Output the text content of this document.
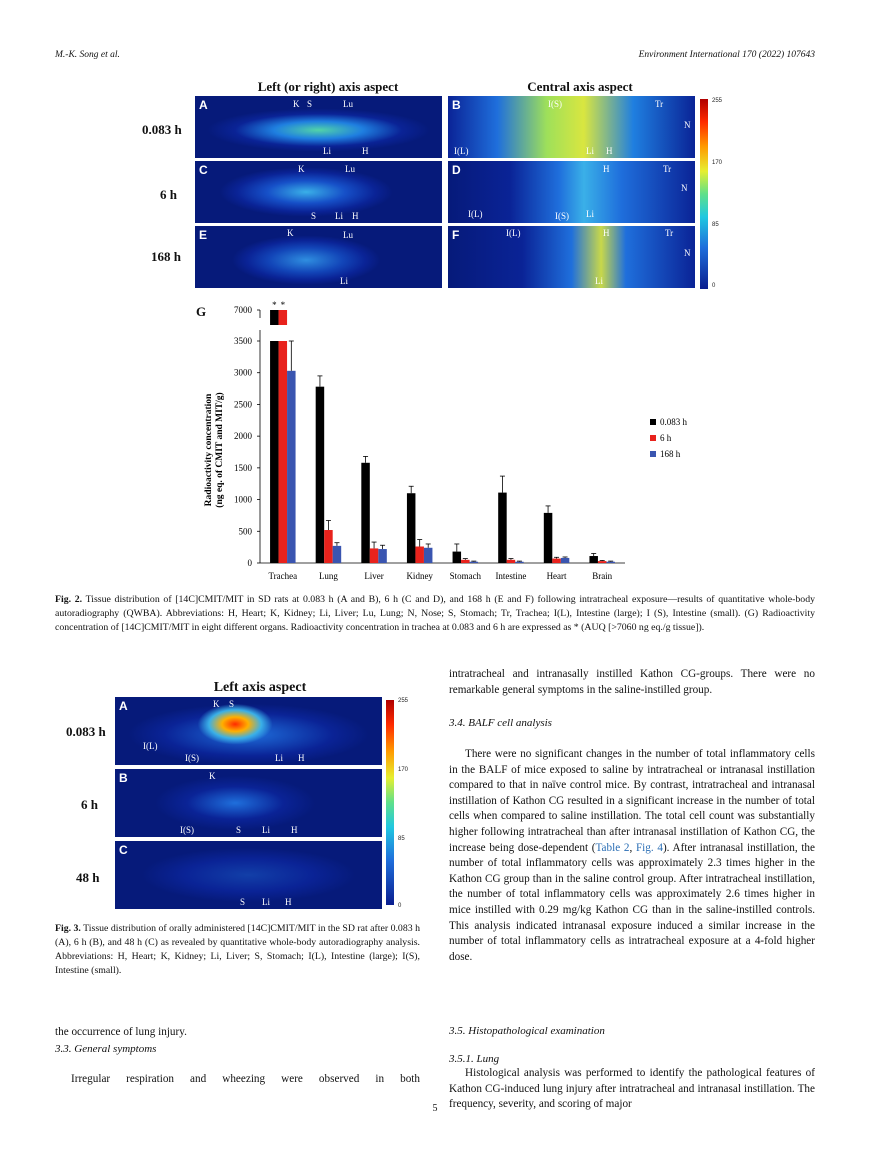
M.-K. Song et al.	Environment International 170 (2022) 107643
Left (or right) axis aspect	Central axis aspect
0.083 h
6 h
168 h
A	K S	Lu
Li	H
B	I(S)	Tr
N
I(L)	Li H
C	K	Lu
S Li H
D	H	Tr
N
I(L)	I(S) Li
E	K	Lu
Li
F	I(L)	H	Tr
N
Li
255
170
85
0
G	7000
0
500
1000
1500
2000
2500
3000
3500
Radioactivity concentration (ng eq. of CMIT and MIT/g)
Trachea Lung	Liver	Kidney Stomach Intestine Heart	Brain
* *
0.083 h
6 h
168 h
Fig. 2. Tissue distribution of [14C]CMIT/MIT in SD rats at 0.083 h (A and B), 6 h (C and D), and 168 h (E and F) following intratracheal exposure—results of quantitative whole-body autoradiography (QWBA). Abbreviations: H, Heart; K, Kidney; Li, Liver; Lu, Lung; N, Nose; S, Stomach; Tr, Trachea; I(L), Intestine (large); I (S), Intestine (small). (G) Radioactivity concentration of [14C]CMIT/MIT in eight different organs. Radioactivity concentration in trachea at 0.083 and 6 h are expressed as * (AUQ [>7060 ng eq./g tissue]).
Left axis aspect
0.083 h
6 h
48 h
A	K S
I(L)
I(S)	Li H
B	K
I(S)	S Li H
C
S Li H
255
170
85
0
Fig. 3. Tissue distribution of orally administered [14C]CMIT/MIT in the SD rat after 0.083 h (A), 6 h (B), and 48 h (C) as revealed by quantitative whole-body autoradiography analysis. Abbreviations: H, Heart; K, Kidney; Li, Liver; S, Stomach; I(L), Intestine (large); I(S), Intestine (small).
the occurrence of lung injury.
3.3. General symptoms
Irregular respiration and wheezing were observed in both
intratracheal and intranasally instilled Kathon CG-groups. There were no remarkable general symptoms in the saline-instilled group.
3.4. BALF cell analysis
There were no significant changes in the number of total inflammatory cells in the BALF of mice exposed to saline by intratracheal or intranasal instillation compared to that in naïve control mice. By contrast, intratracheal and intranasal instillation of Kathon CG resulted in a significant increase in the number of total cells when compared to saline instillation. The total cell count was substantially higher following intratracheal than after intranasal instillation of Kathon CG, the increase being dose-dependent (Table 2, Fig. 4). After intranasal instillation, the number of total inflammatory cells was approximately 2.3 times higher in the Kathon CG group than in the saline control group. After intratracheal instillation, the number of total inflammatory cells was approximately 2.6 times higher in mice instilled with 0.29 mg/kg Kathon CG than in the saline-instilled controls. This analysis indicated intranasal exposure induced a similar increase in the number of total inflammatory cells as intratracheal exposure at a 4-fold higher dose.
3.5. Histopathological examination
3.5.1. Lung
Histological analysis was performed to identify the pathological features of Kathon CG-induced lung injury after intratracheal and intranasal instillation. The frequency, severity, and scoring of major
5
